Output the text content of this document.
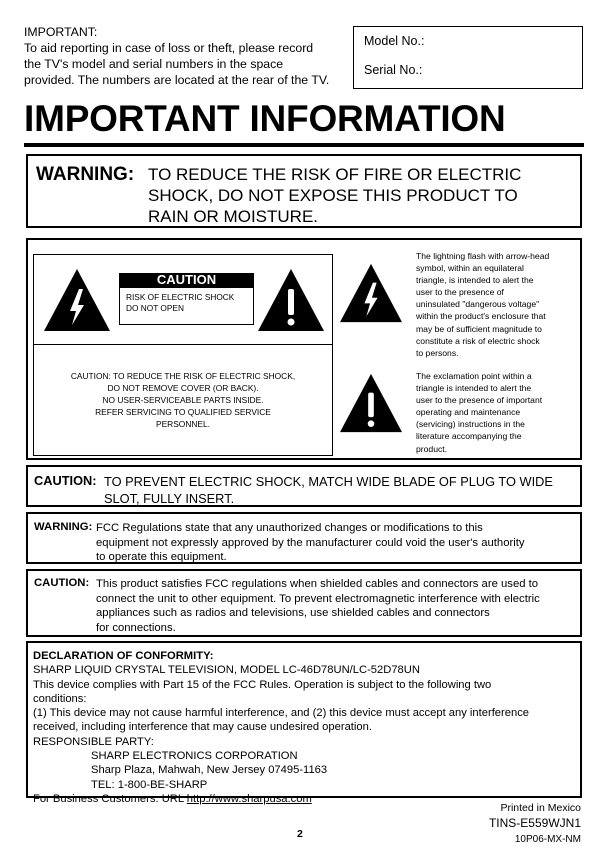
IMPORTANT:
To aid reporting in case of loss or theft, please record
the TV's model and serial numbers in the space
provided. The numbers are located at the rear of the TV.
Model No.:
Serial No.:
IMPORTANT INFORMATION
WARNING: TO REDUCE THE RISK OF FIRE OR ELECTRIC
SHOCK, DO NOT EXPOSE THIS PRODUCT TO
RAIN OR MOISTURE.
CAUTION
RISK OF ELECTRIC SHOCK
DO NOT OPEN
CAUTION: TO REDUCE THE RISK OF ELECTRIC SHOCK,
DO NOT REMOVE COVER (OR BACK).
NO USER-SERVICEABLE PARTS INSIDE.
REFER SERVICING TO QUALIFIED SERVICE
PERSONNEL.
The lightning flash with arrow-head
symbol, within an equilateral
triangle, is intended to alert the
user to the presence of
uninsulated "dangerous voltage"
within the product's enclosure that
may be of sufficient magnitude to
constitute a risk of electric shock
to persons.
The exclamation point within a
triangle is intended to alert the
user to the presence of important
operating and maintenance
(servicing) instructions in the
literature accompanying the
product.
CAUTION: TO PREVENT ELECTRIC SHOCK, MATCH WIDE BLADE OF PLUG TO WIDE
SLOT, FULLY INSERT.
WARNING: FCC Regulations state that any unauthorized changes or modifications to this
equipment not expressly approved by the manufacturer could void the user's authority
to operate this equipment.
CAUTION: This product satisfies FCC regulations when shielded cables and connectors are used to
connect the unit to other equipment. To prevent electromagnetic interference with electric
appliances such as radios and televisions, use shielded cables and connectors
for connections.
DECLARATION OF CONFORMITY:
SHARP LIQUID CRYSTAL TELEVISION, MODEL LC-46D78UN/LC-52D78UN
This device complies with Part 15 of the FCC Rules. Operation is subject to the following two
conditions:
(1) This device may not cause harmful interference, and (2) this device must accept any interference
received, including interference that may cause undesired operation.
RESPONSIBLE PARTY:
SHARP ELECTRONICS CORPORATION
Sharp Plaza, Mahwah, New Jersey 07495-1163
TEL: 1-800-BE-SHARP
For Business Customers: URL http://www.sharpusa.com
Printed in Mexico
TINS-E559WJN1
10P06-MX-NM
2
